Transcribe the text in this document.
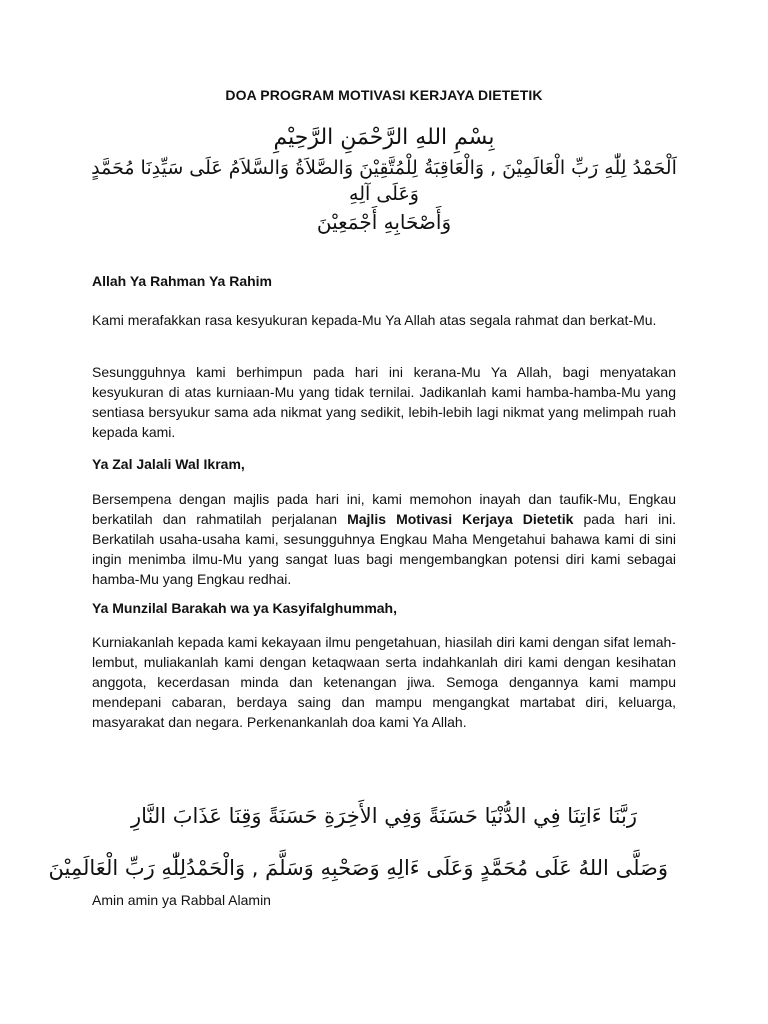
DOA PROGRAM MOTIVASI KERJAYA DIETETIK
بِسْمِ اللهِ الرَّحْمَنِ الرَّحِيْمِ
اَلْحَمْدُ لِلّٰهِ رَبِّ الْعَالَمِيْنَ , وَالْعَاقِبَةُ لِلْمُتَّقِيْنَ وَالصَّلاَةُ وَالسَّلاَمُ عَلَى سَيِّدِنَا مُحَمَّدٍ
وَعَلَى آلِهِ
وَأَصْحَابِهِ أَجْمَعِيْنَ
Allah Ya Rahman Ya Rahim
Kami merafakkan rasa kesyukuran kepada-Mu Ya Allah atas segala rahmat dan berkat-Mu.
Sesungguhnya kami berhimpun pada hari ini kerana-Mu Ya Allah, bagi menyatakan kesyukuran di atas kurniaan-Mu yang tidak ternilai. Jadikanlah kami hamba-hamba-Mu yang sentiasa bersyukur sama ada nikmat yang sedikit, lebih-lebih lagi nikmat yang melimpah ruah kepada kami.
Ya Zal Jalali Wal Ikram,
Bersempena dengan majlis pada hari ini, kami memohon inayah dan taufik-Mu, Engkau berkatilah dan rahmatilah perjalanan Majlis Motivasi Kerjaya Dietetik pada hari ini. Berkatilah usaha-usaha kami, sesungguhnya Engkau Maha Mengetahui bahawa kami di sini ingin menimba ilmu-Mu yang sangat luas bagi mengembangkan potensi diri kami sebagai hamba-Mu yang Engkau redhai.
Ya Munzilal Barakah wa ya Kasyifalghummah,
Kurniakanlah kepada kami kekayaan ilmu pengetahuan, hiasilah diri kami dengan sifat lemah-lembut, muliakanlah kami dengan ketaqwaan serta indahkanlah diri kami dengan kesihatan anggota, kecerdasan minda dan ketenangan jiwa. Semoga dengannya kami mampu mendepani cabaran, berdaya saing dan mampu mengangkat martabat diri, keluarga, masyarakat dan negara. Perkenankanlah doa kami Ya Allah.
رَبَّنَا ءَاتِنَا فِي الدُّنْيَا حَسَنَةً وَفِي الأَخِرَةِ حَسَنَةً وَقِنَا عَذَابَ النَّارِ
وَصَلَّى اللهُ عَلَى مُحَمَّدٍ وَعَلَى ءَالِهِ وَصَحْبِهِ وَسَلَّمَ , وَالْحَمْدُلِلّٰهِ رَبِّ الْعَالَمِيْنَ
Amin amin ya Rabbal Alamin
